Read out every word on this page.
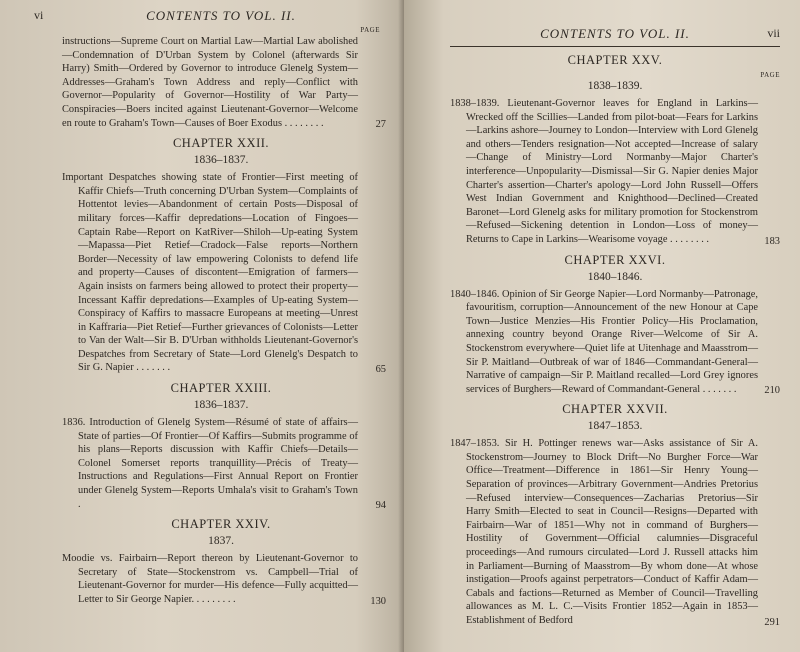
vi	CONTENTS TO VOL. II.
PAGE

instructions—Supreme Court on Martial Law—Martial Law abolished—Condemnation of D'Urban System by Colonel (afterwards Sir Harry) Smith—Ordered by Governor to introduce Glenelg System—Addresses—Graham's Town Address and reply—Conflict with Governor—Popularity of Governor—Hostility of War Party—Conspiracies—Boers incited against Lieutenant-Governor—Welcome en route to Graham's Town—Causes of Boer Exodus . . . . . . . .	27
CHAPTER XXII.
1836–1837.

Important Despatches showing state of Frontier—First meeting of Kaffir Chiefs—Truth concerning D'Urban System—Complaints of Hottentot levies—Abandonment of certain Posts—Disposal of military forces—Kaffir depredations—Location of Fingoes—Captain Rabe—Report on KatRiver—Shiloh—Up-eating System—Mapassa—Piet Retief—Cradock—False reports—Northern Border—Necessity of law empowering Colonists to defend life and property—Causes of discontent—Emigration of farmers—Again insists on farmers being allowed to protect their property—Incessant Kaffir depredations—Examples of Up-eating System—Conspiracy of Kaffirs to massacre Europeans at meeting—Unrest in Kaffraria—Piet Retief—Further grievances of Colonists—Letter to Van der Walt—Sir B. D'Urban withholds Lieutenant-Governor's Despatches from Secretary of State—Lord Glenelg's Despatch to Sir G. Napier . . . . . . .	65
CHAPTER XXIII.
1836–1837.

1836. Introduction of Glenelg System—Résumé of state of affairs—State of parties—Of Frontier—Of Kaffirs—Submits programme of his plans—Reports discussion with Kaffir Chiefs—Details—Colonel Somerset reports tranquillity—Précis of Treaty—Instructions and Regulations—First Annual Report on Frontier under Glenelg System—Reports Umhala's visit to Graham's Town .	94
CHAPTER XXIV.
1837.

Moodie vs. Fairbairn—Report thereon by Lieutenant-Governor to Secretary of State—Stockenstrom vs. Campbell—Trial of Lieutenant-Governor for murder—His defence—Fully acquitted—Letter to Sir George Napier. . . . . . . . .	130
CONTENTS TO VOL. II.	vii
CHAPTER XXV.
PAGE
1838–1839.

1838–1839. Lieutenant-Governor leaves for England in Larkins—Wrecked off the Scillies—Landed from pilot-boat—Fears for Larkins—Larkins ashore—Journey to London—Interview with Lord Glenelg and others—Tenders resignation—Not accepted—Increase of salary—Change of Ministry—Lord Normanby—Major Charter's interference—Unpopularity—Dismissal—Sir G. Napier denies Major Charter's assertion—Charter's apology—Lord John Russell—Offers West Indian Government and Knighthood—Declined—Created Baronet—Lord Glenelg asks for military promotion for Stockenstrom—Refused—Sickening detention in London—Loss of money—Returns to Cape in Larkins—Wearisome voyage . . . . . . . .	183
CHAPTER XXVI.
1840–1846.

1840–1846. Opinion of Sir George Napier—Lord Normanby—Patronage, favouritism, corruption—Announcement of the new Honour at Cape Town—Justice Menzies—His Frontier Policy—His Proclamation, annexing country beyond Orange River—Welcome of Sir A. Stockenstrom everywhere—Quiet life at Uitenhage and Maasstrom—Sir P. Maitland—Outbreak of war of 1846—Commandant-General—Narrative of campaign—Sir P. Maitland recalled—Lord Grey ignores services of Burghers—Reward of Commandant-General . . . . . . .	210
CHAPTER XXVII.
1847–1853.

1847–1853. Sir H. Pottinger renews war—Asks assistance of Sir A. Stockenstrom—Journey to Block Drift—No Burgher Force—War Office—Treatment—Difference in 1861—Sir Henry Young—Separation of provinces—Arbitrary Government—Andries Pretorius—Refused interview—Consequences—Zacharias Pretorius—Sir Harry Smith—Elected to seat in Council—Resigns—Departed with Fairbairn—War of 1851—Why not in command of Burghers—Hostility of Government—Official calumnies—Disgraceful proceedings—And rumours circulated—Lord J. Russell attacks him in Parliament—Burning of Maasstrom—By whom done—At whose instigation—Proofs against perpetrators—Conduct of Kaffir Adam—Cabals and factions—Returned as Member of Council—Travelling allowances as M. L. C.—Visits Frontier 1852—Again in 1853—Establishment of Bedford	291
